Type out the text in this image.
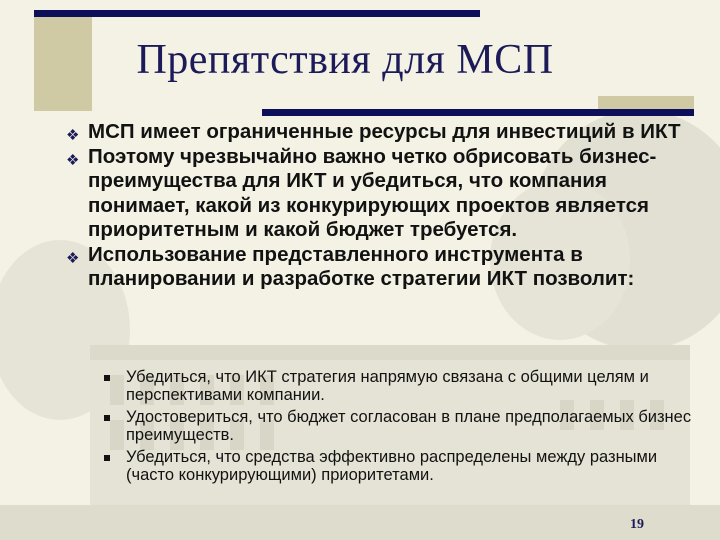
Препятствия для МСП
❖ МСП имеет ограниченные ресурсы для инвестиций в ИКТ
❖ Поэтому чрезвычайно важно четко обрисовать бизнес-преимущества для ИКТ и убедиться, что компания понимает, какой из конкурирующих проектов является приоритетным и какой бюджет требуется.
❖ Использование представленного инструмента в планировании и разработке стратегии ИКТ позволит:
Убедиться, что ИКТ стратегия напрямую связана с общими целям и перспективами компании.
Удостовериться, что бюджет согласован в плане предполагаемых бизнес преимуществ.
Убедиться, что средства эффективно распределены между разными (часто конкурирующими) приоритетами.
19
